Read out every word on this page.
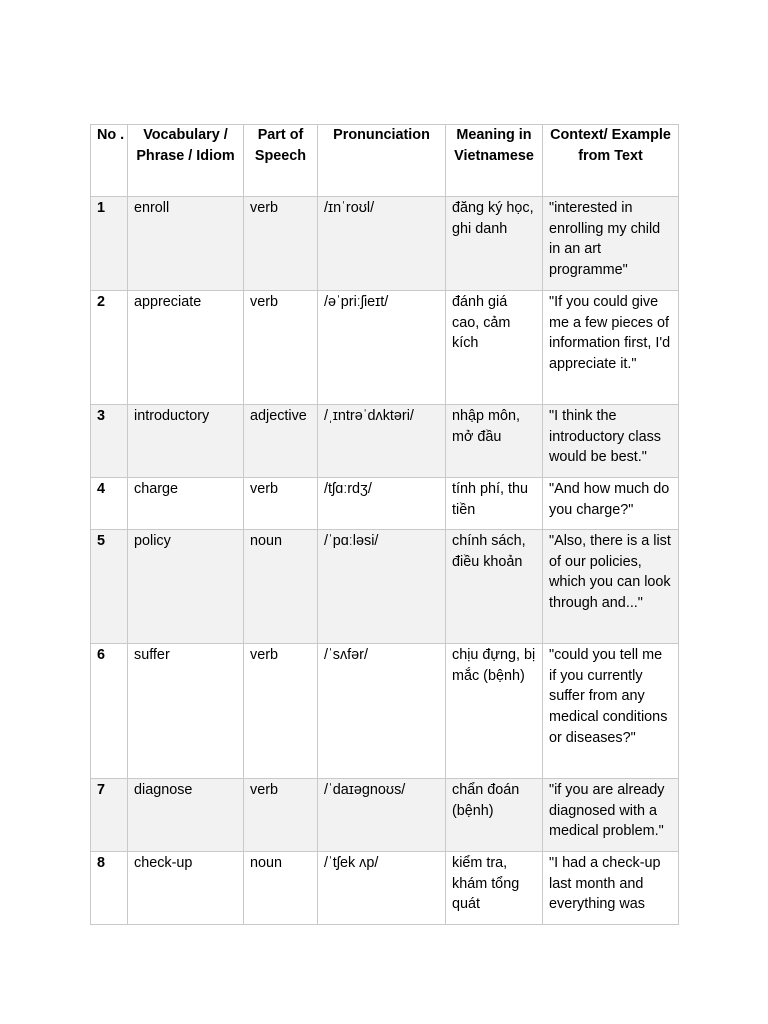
No .	Vocabulary / Phrase / Idiom	Part of Speech	Pronunciation	Meaning in Vietnamese	Context/ Example from Text
1	enroll	verb	/ɪnˈroʊl/	đăng ký học, ghi danh	"interested in enrolling my child in an art programme"
2	appreciate	verb	/əˈpriːʃieɪt/	đánh giá cao, cảm kích	"If you could give me a few pieces of information first, I'd appreciate it."
3	introductory	adjective	/ˌɪntrəˈdʌktəri/	nhập môn, mở đầu	"I think the introductory class would be best."
4	charge	verb	/tʃɑːrdʒ/	tính phí, thu tiền	"And how much do you charge?"
5	policy	noun	/ˈpɑːləsi/	chính sách, điều khoản	"Also, there is a list of our policies, which you can look through and..."
6	suffer	verb	/ˈsʌfər/	chịu đựng, bị mắc (bệnh)	"could you tell me if you currently suffer from any medical conditions or diseases?"
7	diagnose	verb	/ˈdaɪəgnoʊs/	chẩn đoán (bệnh)	"if you are already diagnosed with a medical problem."
8	check-up	noun	/ˈtʃek ʌp/	kiểm tra, khám tổng quát	"I had a check-up last month and everything was
